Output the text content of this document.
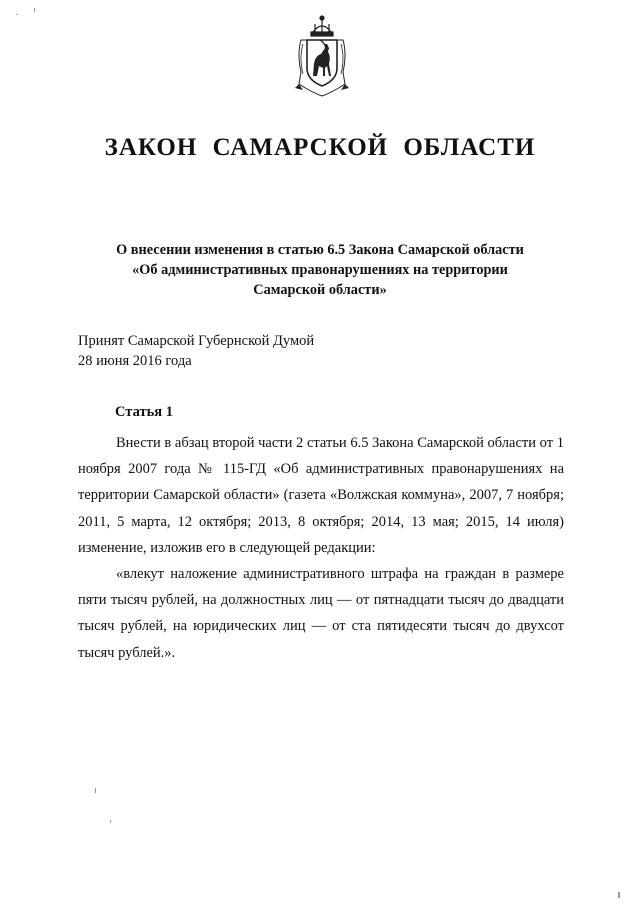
ЗАКОН САМАРСКОЙ ОБЛАСТИ
О внесении изменения в статью 6.5 Закона Самарской области
«Об административных правонарушениях на территории
Самарской области»
Принят Самарской Губернской Думой
28 июня 2016 года
Статья 1

Внести в абзац второй части 2 статьи 6.5 Закона Самарской области от 1 ноября 2007 года № 115-ГД «Об административных правонарушениях на территории Самарской области» (газета «Волжская коммуна», 2007, 7 ноября; 2011, 5 марта, 12 октября; 2013, 8 октября; 2014, 13 мая; 2015, 14 июля) изменение, изложив его в следующей редакции:

«влекут наложение административного штрафа на граждан в размере пяти тысяч рублей, на должностных лиц — от пятнадцати тысяч до двадцати тысяч рублей, на юридических лиц — от ста пятидесяти тысяч до двухсот тысяч рублей.».
